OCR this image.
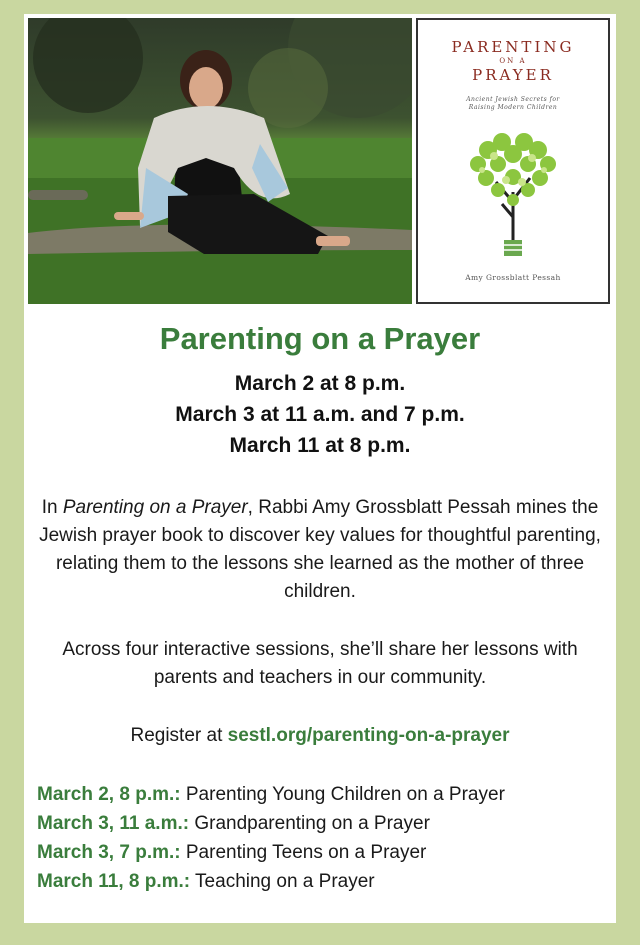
PARENTING
ON A
PRAYER
Ancient Jewish Secrets for
Raising Modern Children
Amy Grossblatt Pessah
Parenting on a Prayer
March 2 at 8 p.m.
March 3 at 11 a.m. and 7 p.m.
March 11 at 8 p.m.
In Parenting on a Prayer, Rabbi Amy Grossblatt Pessah mines the Jewish prayer book to discover key values for thoughtful parenting, relating them to the lessons she learned as the mother of three children.
Across four interactive sessions, she’ll share her lessons with parents and teachers in our community.
Register at sestl.org/parenting-on-a-prayer
March 2, 8 p.m.: Parenting Young Children on a Prayer
March 3, 11 a.m.: Grandparenting on a Prayer
March 3, 7 p.m.: Parenting Teens on a Prayer
March 11, 8 p.m.: Teaching on a Prayer
